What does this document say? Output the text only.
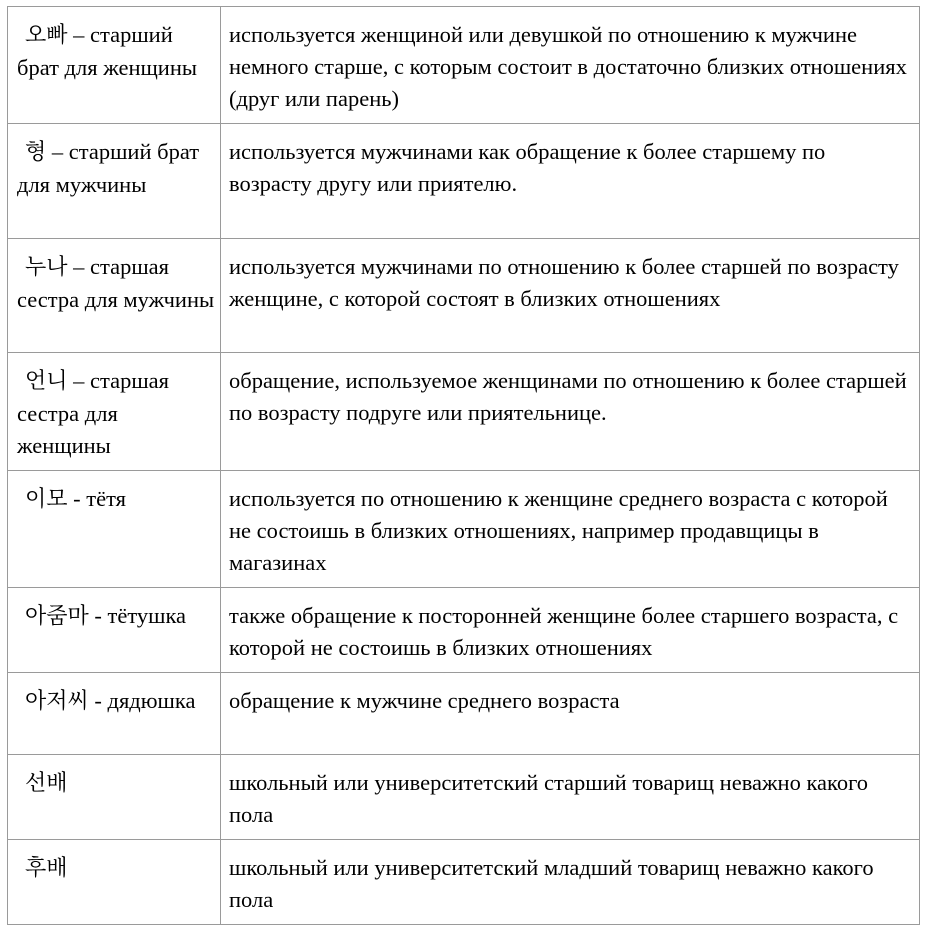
오빠 – старший брат для женщины	используется женщиной или девушкой по отношению к мужчине немного старше, с которым состоит в достаточно близких отношениях (друг или парень)

형 – старший брат для мужчины	используется мужчинами как обращение к более старшему по возрасту другу или приятелю.

누나 – старшая сестра для мужчины	используется мужчинами по отношению к более старшей по возрасту женщине, с которой состоят в близких отношениях

언니 – старшая сестра для женщины	обращение, используемое женщинами по отношению к более старшей по возрасту подруге или приятельнице.

이모 - тётя	используется по отношению к женщине среднего возраста с которой не состоишь в близких отношениях, например продавщицы в магазинах

아줌마 - тётушка	также обращение к посторонней женщине более старшего возраста, с которой не состоишь в близких отношениях

아저씨 - дядюшка	обращение к мужчине среднего возраста

선배	школьный или университетский старший товарищ неважно какого пола

후배	школьный или университетский младший товарищ неважно какого пола
